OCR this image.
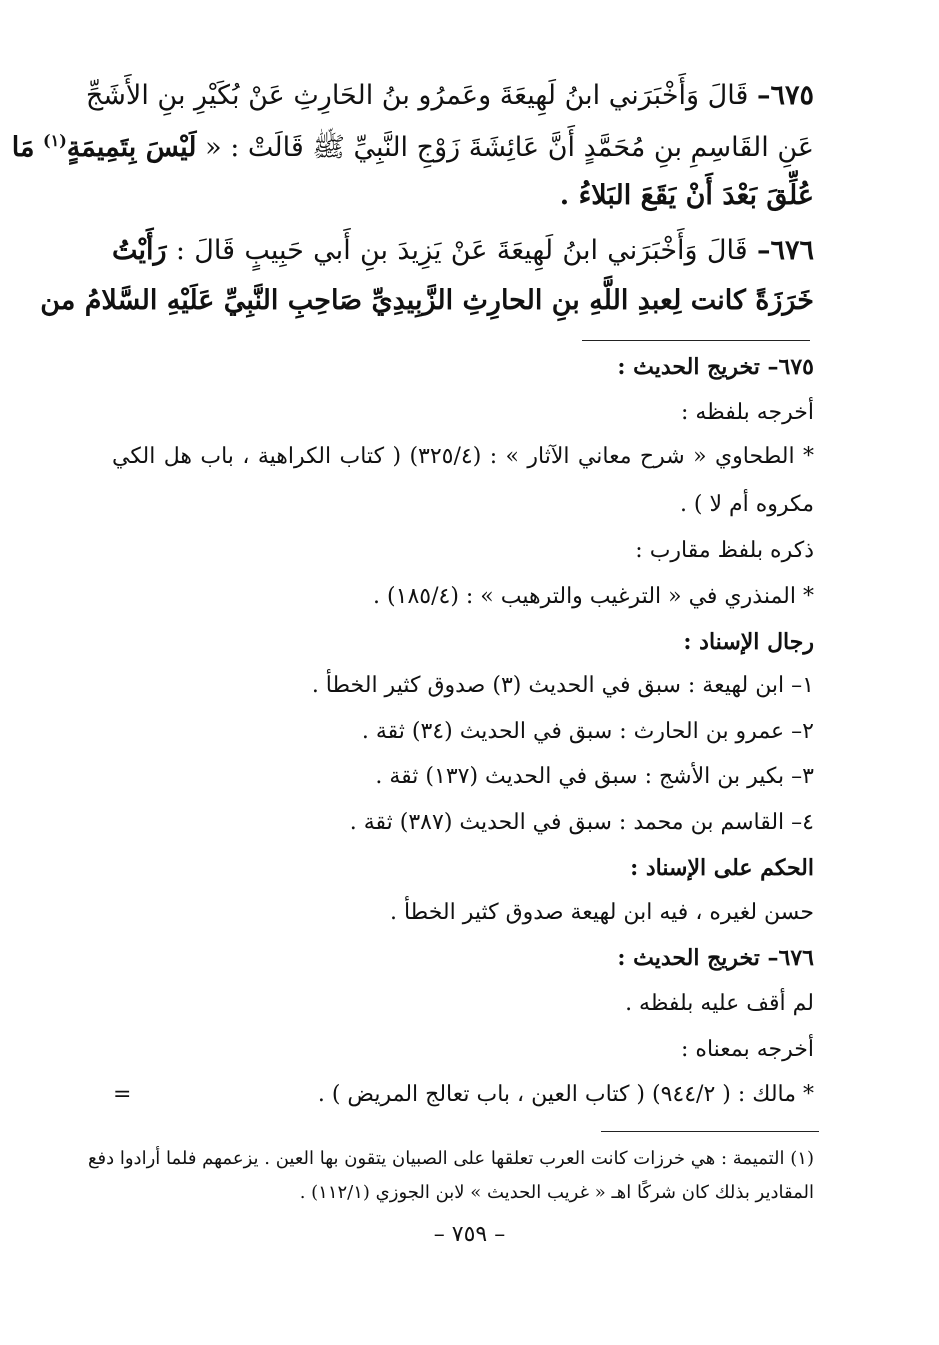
٦٧٥– قَالَ وَأَخْبَرَني ابنُ لَهِيعَةَ وعَمرُو بنُ الحَارِثِ عَنْ بُكَيْرِ بنِ الأَشَجِّ
عَنِ القَاسِمِ بنِ مُحَمَّدٍ أَنَّ عَائِشَةَ زَوْجِ النَّبِيِّ ﷺ قَالَتْ : « لَيْسَ بِتَمِيمَةٍ$^{(١)}$ مَا
عُلِّقَ بَعْدَ أَنْ يَقَعَ البَلاءُ .
٦٧٦– قَالَ وَأَخْبَرَني ابنُ لَهِيعَةَ عَنْ يَزِيدَ بنِ أَبي حَبِيبٍ قَالَ : رَأَيْتُ
خَرَزَةً كانت لِعبدِ اللَّهِ بنِ الحارِثِ الزَّبِيدِيِّ صَاحِبِ النَّبِيِّ عَلَيْهِ السَّلامُ من
٦٧٥– تخريج الحديث :
أخرجه بلفظه :
* الطحاوي « شرح معاني الآثار » : (٣٢٥/٤) ( كتاب الكراهية ، باب هل الكي
مكروه أم لا ) .
ذكره بلفظ مقارب :
* المنذري في « الترغيب والترهيب » : (١٨٥/٤) .
رجال الإسناد :
١– ابن لهيعة : سبق في الحديث (٣) صدوق كثير الخطأ .
٢– عمرو بن الحارث : سبق في الحديث (٣٤) ثقة .
٣– بكير بن الأشج : سبق في الحديث (١٣٧) ثقة .
٤– القاسم بن محمد : سبق في الحديث (٣٨٧) ثقة .
الحكم على الإسناد :
حسن لغيره ، فيه ابن لهيعة صدوق كثير الخطأ .
٦٧٦– تخريج الحديث :
لم أقف عليه بلفظه .
أخرجه بمعناه :
* مالك : ( ٩٤٤/٢) ( كتاب العين ، باب تعالج المريض ) .
=
(١) التميمة : هي خرزات كانت العرب تعلقها على الصبيان يتقون بها العين . يزعمهم فلما أرادوا دفع
المقادير بذلك كان شركًا اهـ « غريب الحديث » لابن الجوزي (١١٢/١) .
– ٧٥٩ –
